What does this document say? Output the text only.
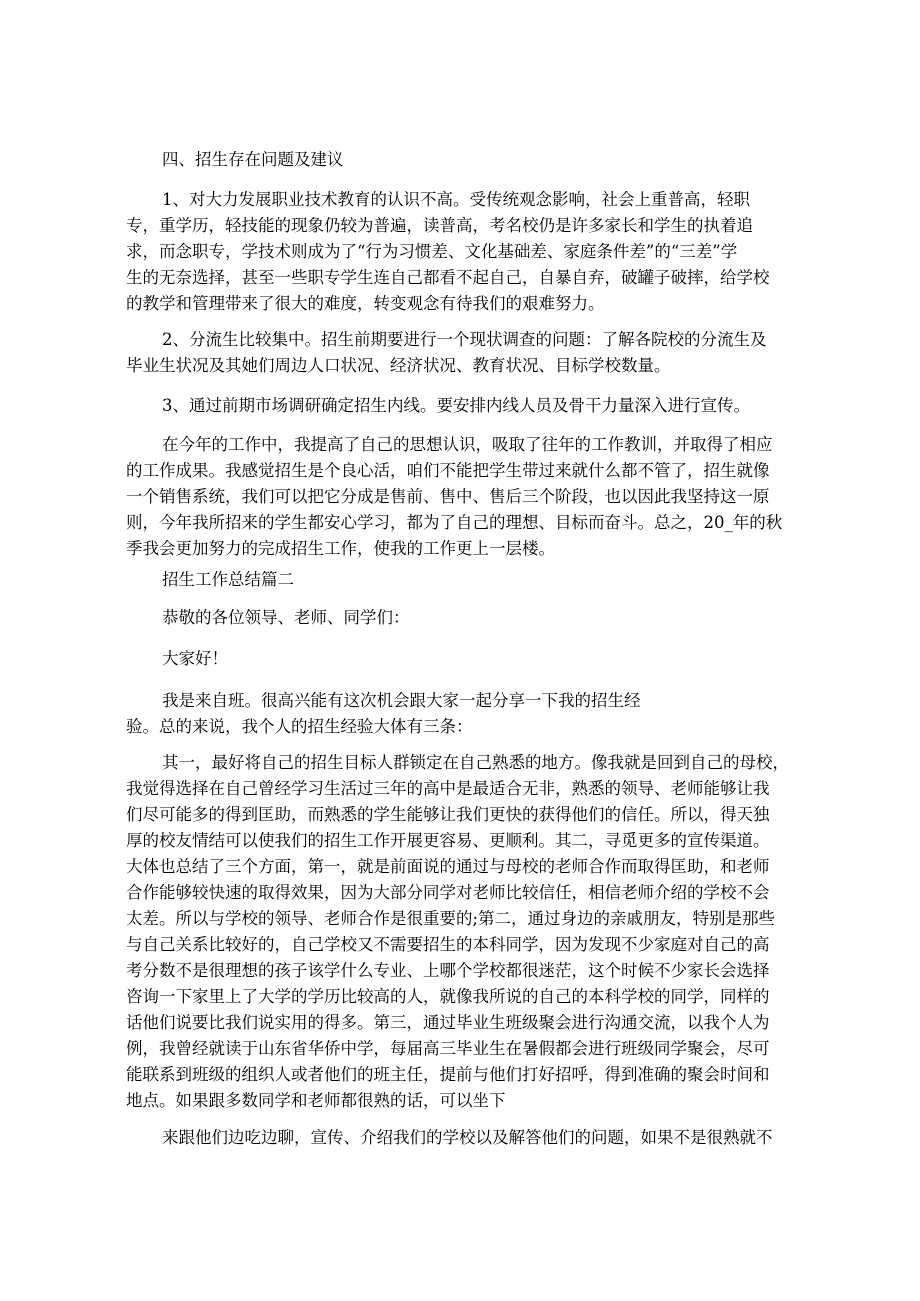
四、招生存在问题及建议

1、对大力发展职业技术教育的认识不高。受传统观念影响，社会上重普高，轻职

专，重学历，轻技能的现象仍较为普遍，读普高，考名校仍是许多家长和学生的执着追

求，而念职专，学技术则成为了“行为习惯差、文化基础差、家庭条件差”的“三差”学

生的无奈选择，甚至一些职专学生连自己都看不起自己，自暴自弃，破罐子破摔，给学校

的教学和管理带来了很大的难度，转变观念有待我们的艰难努力。

2、分流生比较集中。招生前期要进行一个现状调查的问题：了解各院校的分流生及

毕业生状况及其她们周边人口状况、经济状况、教育状况、目标学校数量。

3、通过前期市场调研确定招生内线。要安排内线人员及骨干力量深入进行宣传。

在今年的工作中，我提高了自己的思想认识，吸取了往年的工作教训，并取得了相应

的工作成果。我感觉招生是个良心活，咱们不能把学生带过来就什么都不管了，招生就像

一个销售系统，我们可以把它分成是售前、售中、售后三个阶段，也以因此我坚持这一原

则，今年我所招来的学生都安心学习，都为了自己的理想、目标而奋斗。总之，20_年的秋

季我会更加努力的完成招生工作，使我的工作更上一层楼。

招生工作总结篇二

恭敬的各位领导、老师、同学们：

大家好！

我是来自班。很高兴能有这次机会跟大家一起分享一下我的招生经

验。总的来说，我个人的招生经验大体有三条：

其一，最好将自己的招生目标人群锁定在自己熟悉的地方。像我就是回到自己的母校，

我觉得选择在自己曾经学习生活过三年的高中是最适合无非，熟悉的领导、老师能够让我

们尽可能多的得到匡助，而熟悉的学生能够让我们更快的获得他们的信任。所以，得天独

厚的校友情结可以使我们的招生工作开展更容易、更顺利。其二，寻觅更多的宣传渠道。

大体也总结了三个方面，第一，就是前面说的通过与母校的老师合作而取得匡助，和老师

合作能够较快速的取得效果，因为大部分同学对老师比较信任，相信老师介绍的学校不会

太差。所以与学校的领导、老师合作是很重要的;第二，通过身边的亲戚朋友，特别是那些

与自己关系比较好的，自己学校又不需要招生的本科同学，因为发现不少家庭对自己的高

考分数不是很理想的孩子该学什么专业、上哪个学校都很迷茫，这个时候不少家长会选择

咨询一下家里上了大学的学历比较高的人，就像我所说的自己的本科学校的同学，同样的

话他们说要比我们说实用的得多。第三，通过毕业生班级聚会进行沟通交流，以我个人为

例，我曾经就读于山东省华侨中学，每届高三毕业生在暑假都会进行班级同学聚会，尽可

能联系到班级的组织人或者他们的班主任，提前与他们打好招呼，得到准确的聚会时间和

地点。如果跟多数同学和老师都很熟的话，可以坐下

来跟他们边吃边聊，宣传、介绍我们的学校以及解答他们的问题，如果不是很熟就不
